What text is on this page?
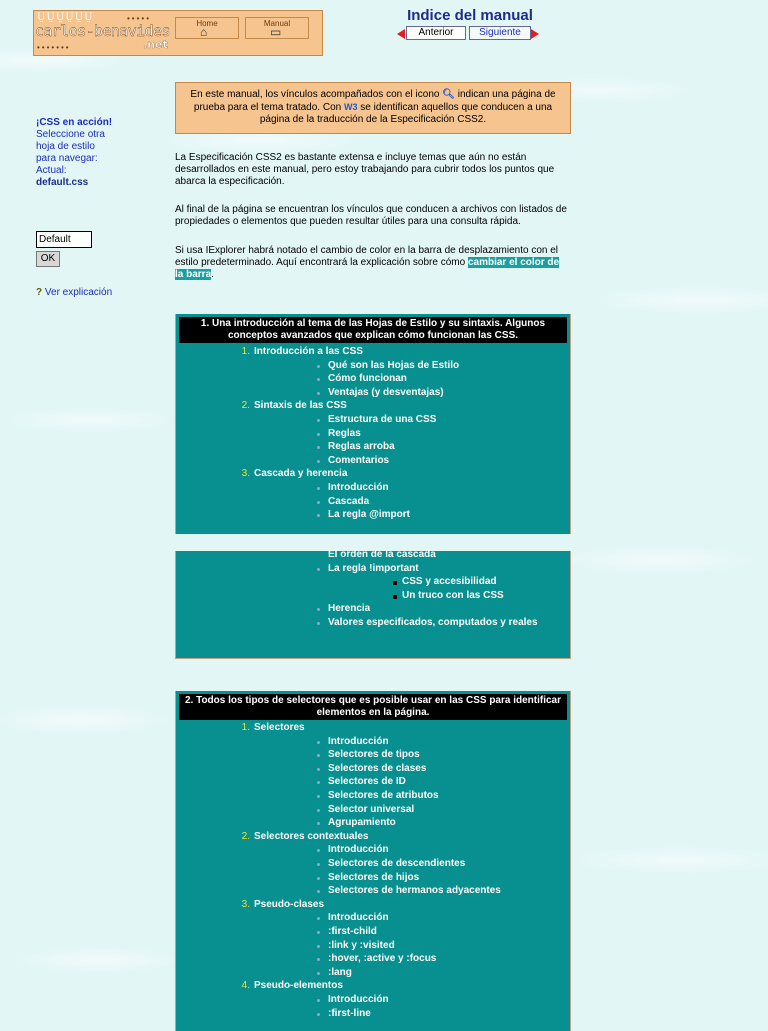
ṲṲṲṲṲṲ	•••••
carlos-benavides
•••••••	.net
Home
⌂
Manual
▭
Indice del manual
Anterior	Siguiente
¡CSS en acción!
Seleccione otra hoja de estilo para navegar:
Actual:
default.css
Default
OK
? Ver explicación
En este manual, los vínculos acompañados con el icono 🔍︎ indican una página de prueba para el tema tratado. Con W3 se identifican aquellos que conducen a una página de la traducción de la Especificación CSS2.
La Especificación CSS2 es bastante extensa e incluye temas que aún no están desarrollados en este manual, pero estoy trabajando para cubrir todos los puntos que abarca la especificación.
Al final de la página se encuentran los vínculos que conducen a archivos con listados de propiedades o elementos que pueden resultar útiles para una consulta rápida.
Si usa IExplorer habrá notado el cambio de color en la barra de desplazamiento con el estilo predeterminado. Aquí encontrará la explicación sobre cómo cambiar el color de la barra.
1. Una introducción al tema de las Hojas de Estilo y su sintaxis. Algunos conceptos avanzados que explican cómo funcionan las CSS.
2. Todos los tipos de selectores que es posible usar en las CSS para identificar elementos en la página.
1. Introducción a las CSS
Qué son las Hojas de Estilo
Cómo funcionan
Ventajas (y desventajas)
2. Sintaxis de las CSS
Estructura de una CSS
Reglas
Reglas arroba
Comentarios
3. Cascada y herencia
Introducción
Cascada
La regla @import
El orden de la cascada
La regla !important
CSS y accesibilidad
Un truco con las CSS
Herencia
Valores especificados, computados y reales
1. Selectores
Introducción
Selectores de tipos
Selectores de clases
Selectores de ID
Selectores de atributos
Selector universal
Agrupamiento
2. Selectores contextuales
Introducción
Selectores de descendientes
Selectores de hijos
Selectores de hermanos adyacentes
3. Pseudo-clases
Introducción
:first-child
:link y :visited
:hover, :active y :focus
:lang
4. Pseudo-elementos
Introducción
:first-line
